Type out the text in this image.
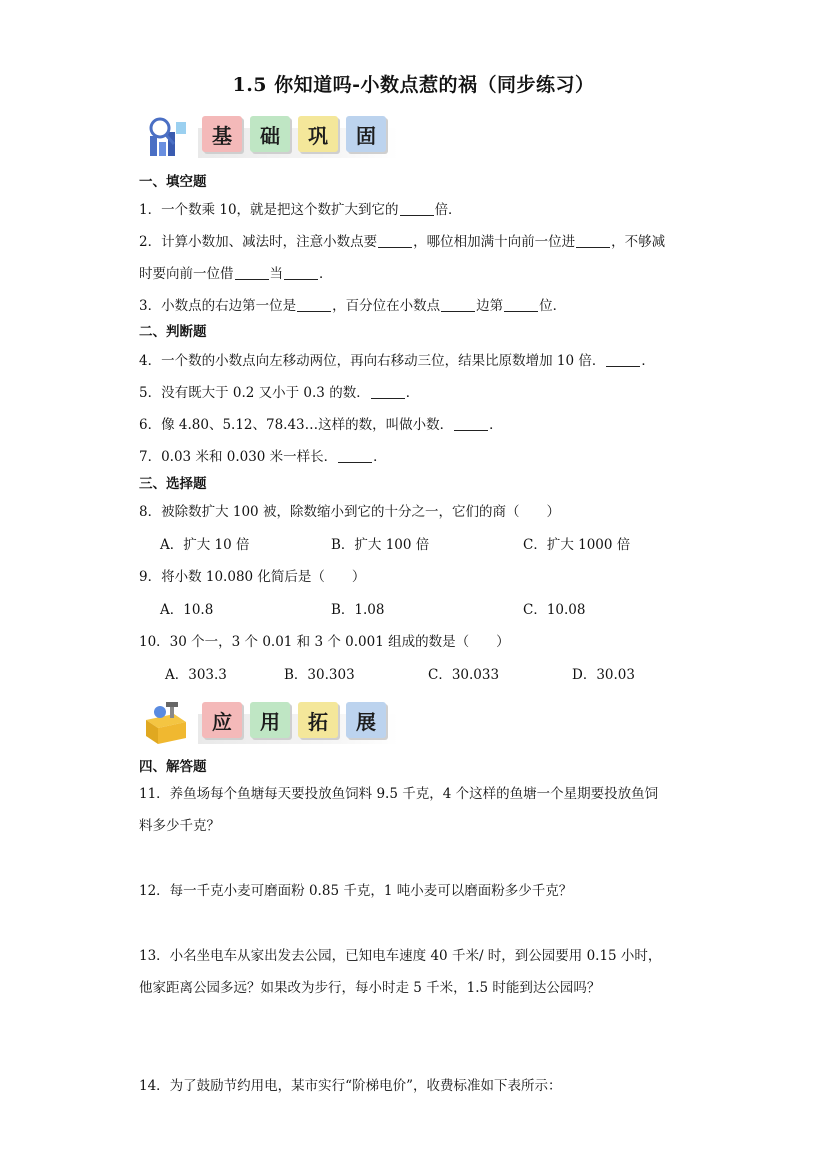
1.5 你知道吗-小数点惹的祸（同步练习）
基	础	巩	固
一、填空题
1．一个数乘 10，就是把这个数扩大到它的	倍．
2．计算小数加、减法时，注意小数点要	，哪位相加满十向前一位进	，不够减
时要向前一位借	当	．
3．小数点的右边第一位是	，百分位在小数点	边第	位．
二、判断题
4．一个数的小数点向左移动两位，再向右移动三位，结果比原数增加 10 倍．	．
5．没有既大于 0.2 又小于 0.3 的数．	．
6．像 4.80、5.12、78.43…这样的数，叫做小数．	．
7．0.03 米和 0.030 米一样长．	．
三、选择题
8．被除数扩大 100 被，除数缩小到它的十分之一，它们的商（　　）
A．扩大 10 倍	B．扩大 100 倍	C．扩大 1000 倍
9．将小数 10.080 化简后是（　　）
A．10.8	B．1.08	C．10.08
10．30 个一，3 个 0.01 和 3 个 0.001 组成的数是（　　）
A．303.3	B．30.303	C．30.033	D．30.03
应	用	拓	展
四、解答题
11．养鱼场每个鱼塘每天要投放鱼饲料 9.5 千克，4 个这样的鱼塘一个星期要投放鱼饲
料多少千克？
12．每一千克小麦可磨面粉 0.85 千克，1 吨小麦可以磨面粉多少千克？
13．小名坐电车从家出发去公园，已知电车速度 40 千米/ 时，到公园要用 0.15 小时，
他家距离公园多远？如果改为步行，每小时走 5 千米，1.5 时能到达公园吗？
14．为了鼓励节约用电，某市实行“阶梯电价”，收费标准如下表所示：
